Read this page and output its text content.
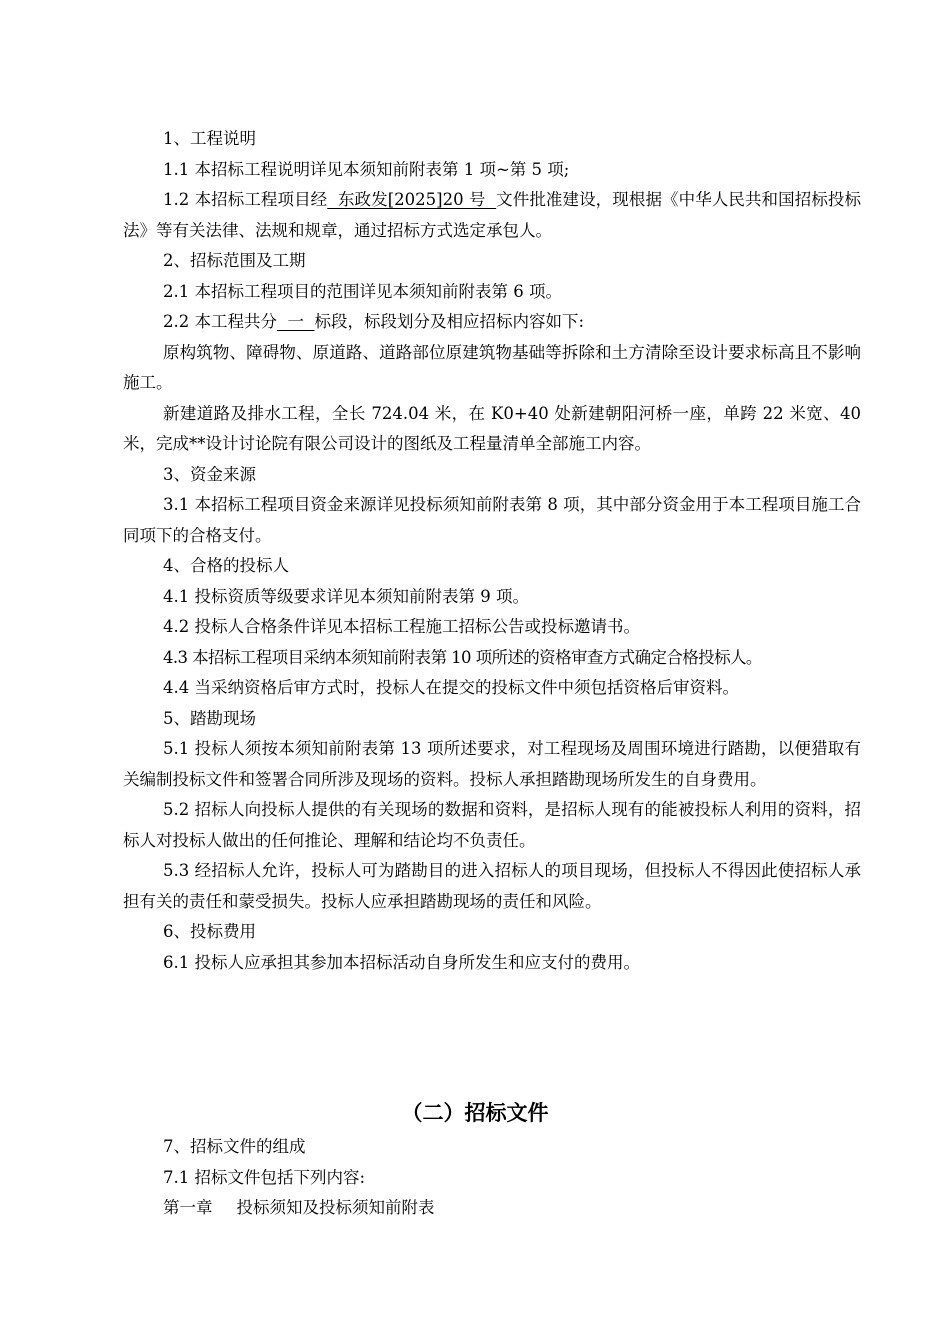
1、工程说明

1.1 本招标工程说明详见本须知前附表第 1 项~第 5 项;

1.2 本招标工程项目经  东政发[2025]20 号  文件批准建设，现根据《中华人民共和国招标投标法》等有关法律、法规和规章，通过招标方式选定承包人。

2、招标范围及工期

2.1 本招标工程项目的范围详见本须知前附表第 6 项。

2.2 本工程共分  一  标段，标段划分及相应招标内容如下:

原构筑物、障碍物、原道路、道路部位原建筑物基础等拆除和土方清除至设计要求标高且不影响施工。

新建道路及排水工程，全长 724.04 米，在 K0+40 处新建朝阳河桥一座，单跨 22 米宽、40 米，完成**设计讨论院有限公司设计的图纸及工程量清单全部施工内容。

3、资金来源

3.1 本招标工程项目资金来源详见投标须知前附表第 8 项，其中部分资金用于本工程项目施工合同项下的合格支付。

4、合格的投标人

4.1 投标资质等级要求详见本须知前附表第 9 项。

4.2 投标人合格条件详见本招标工程施工招标公告或投标邀请书。

4.3 本招标工程项目采纳本须知前附表第 10 项所述的资格审查方式确定合格投标人。

4.4 当采纳资格后审方式时，投标人在提交的投标文件中须包括资格后审资料。

5、踏勘现场

5.1 投标人须按本须知前附表第 13 项所述要求，对工程现场及周围环境进行踏勘，以便猎取有关编制投标文件和签署合同所涉及现场的资料。投标人承担踏勘现场所发生的自身费用。

5.2 招标人向投标人提供的有关现场的数据和资料，是招标人现有的能被投标人利用的资料，招标人对投标人做出的任何推论、理解和结论均不负责任。

5.3 经招标人允许，投标人可为踏勘目的进入招标人的项目现场，但投标人不得因此使招标人承担有关的责任和蒙受损失。投标人应承担踏勘现场的责任和风险。

6、投标费用

6.1 投标人应承担其参加本招标活动自身所发生和应支付的费用。

（二）招标文件

7、招标文件的组成

7.1 招标文件包括下列内容:

第一章 投标须知及投标须知前附表
